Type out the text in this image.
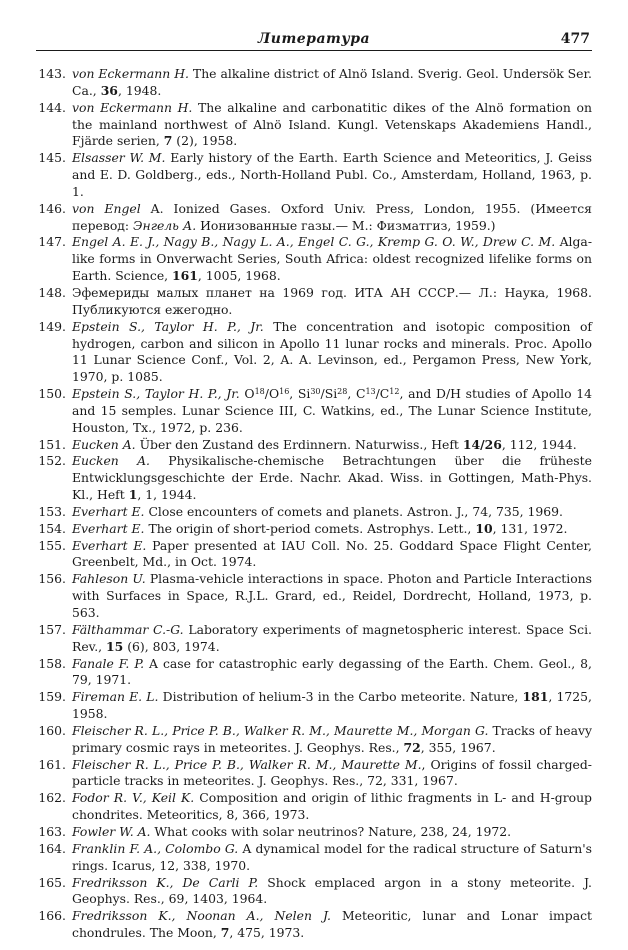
Литература	477
143. von Eckermann H. The alkaline district of Alnö Island. Sverig. Geol. Undersök Ser. Ca., 36, 1948.
144. von Eckermann H. The alkaline and carbonatitic dikes of the Alnö formation on the mainland northwest of Alnö Island. Kungl. Vetenskaps Akademiens Handl., Fjärde serien, 7 (2), 1958.
145. Elsasser W. M. Early history of the Earth. Earth Science and Meteoritics, J. Geiss and E. D. Goldberg., eds., North-Holland Publ. Co., Amsterdam, Holland, 1963, p. 1.
146. von Engel A. Ionized Gases. Oxford Univ. Press, London, 1955. (Имеется перевод: Энгель А. Ионизованные газы.— М.: Физматгиз, 1959.)
147. Engel A. E. J., Nagy B., Nagy L. A., Engel C. G., Kremp G. O. W., Drew C. M. Alga-like forms in Onverwacht Series, South Africa: oldest recognized lifelike forms on Earth. Science, 161, 1005, 1968.
148. Эфемериды малых планет на 1969 год. ИТА АН СССР.— Л.: Наука, 1968. Публикуются ежегодно.
149. Epstein S., Taylor H. P., Jr. The concentration and isotopic composition of hydrogen, carbon and silicon in Apollo 11 lunar rocks and minerals. Proc. Apollo 11 Lunar Science Conf., Vol. 2, A. A. Levinson, ed., Pergamon Press, New York, 1970, p. 1085.
150. Epstein S., Taylor H. P., Jr. $O^{18}/O^{16}$, Si$^{30}$/Si$^{28}$, $C^{13}/C^{12}$, and D/H studies of Apollo 14 and 15 semples. Lunar Science III, C. Watkins, ed., The Lunar Science Institute, Houston, Tx., 1972, p. 236.
151. Eucken A. Über den Zustand des Erdinnern. Naturwiss., Heft 14/26, 112, 1944.
152. Eucken A. Physikalische-chemische Betrachtungen über die früheste Entwicklungsgeschichte der Erde. Nachr. Akad. Wiss. in Gottingen, Math-Phys. Kl., Heft 1, 1, 1944.
153. Everhart E. Close encounters of comets and planets. Astron. J., 74, 735, 1969.
154. Everhart E. The origin of short-period comets. Astrophys. Lett., 10, 131, 1972.
155. Everhart E. Paper presented at IAU Coll. No. 25. Goddard Space Flight Center, Greenbelt, Md., in Oct. 1974.
156. Fahleson U. Plasma-vehicle interactions in space. Photon and Particle Interactions with Surfaces in Space, R.J.L. Grard, ed., Reidel, Dordrecht, Holland, 1973, p. 563.
157. Fälthammar C.-G. Laboratory experiments of magnetospheric interest. Space Sci. Rev., 15 (6), 803, 1974.
158. Fanale F. P. A case for catastrophic early degassing of the Earth. Chem. Geol., 8, 79, 1971.
159. Fireman E. L. Distribution of helium-3 in the Carbo meteorite. Nature, 181, 1725, 1958.
160. Fleischer R. L., Price P. B., Walker R. M., Maurette M., Morgan G. Tracks of heavy primary cosmic rays in meteorites. J. Geophys. Res., 72, 355, 1967.
161. Fleischer R. L., Price P. B., Walker R. M., Maurette M., Origins of fossil charged-particle tracks in meteorites. J. Geophys. Res., 72, 331, 1967.
162. Fodor R. V., Keil K. Composition and origin of lithic fragments in L- and H-group chondrites. Meteoritics, 8, 366, 1973.
163. Fowler W. A. What cooks with solar neutrinos? Nature, 238, 24, 1972.
164. Franklin F. A., Colombo G. A dynamical model for the radical structure of Saturn's rings. Icarus, 12, 338, 1970.
165. Fredriksson K., De Carli P. Shock emplaced argon in a stony meteorite. J. Geophys. Res., 69, 1403, 1964.
166. Fredriksson K., Noonan A., Nelen J. Meteoritic, lunar and Lonar impact chondrules. The Moon, 7, 475, 1973.
